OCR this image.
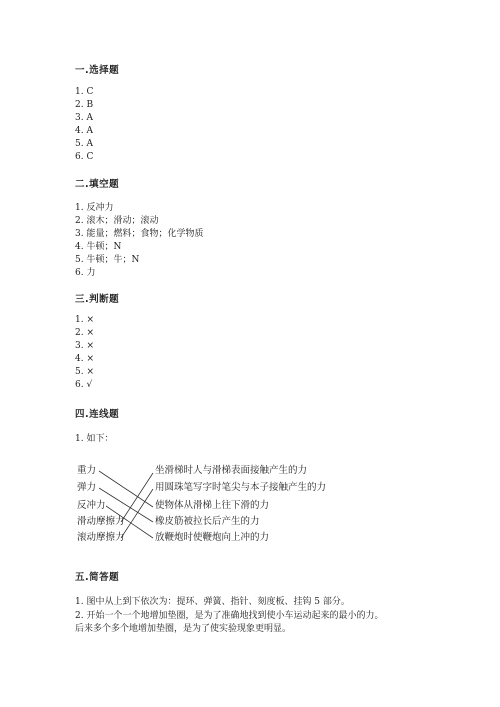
一.选择题
1. C
2. B
3. A
4. A
5. A
6. C
二.填空题
1. 反冲力
2. 滚木；滑动；滚动
3. 能量；燃料；食物；化学物质
4. 牛顿；N
5. 牛顿；牛；N
6. 力
三.判断题
1. ×
2. ×
3. ×
4. ×
5. ×
6. √
四.连线题
1. 如下：
重力
弹力
反冲力
滑动摩擦力
滚动摩擦力
坐滑梯时人与滑梯表面接触产生的力
用圆珠笔写字时笔尖与本子接触产生的力
使物体从滑梯上往下滑的力
橡皮筋被拉长后产生的力
放鞭炮时使鞭炮向上冲的力
五.简答题
1. 图中从上到下依次为：提环、弹簧、指针、刻度板、挂钩 5 部分。
2. 开始一个一个地增加垫圈，是为了准确地找到使小车运动起来的最小的力。
后来多个多个地增加垫圈，是为了使实验现象更明显。
